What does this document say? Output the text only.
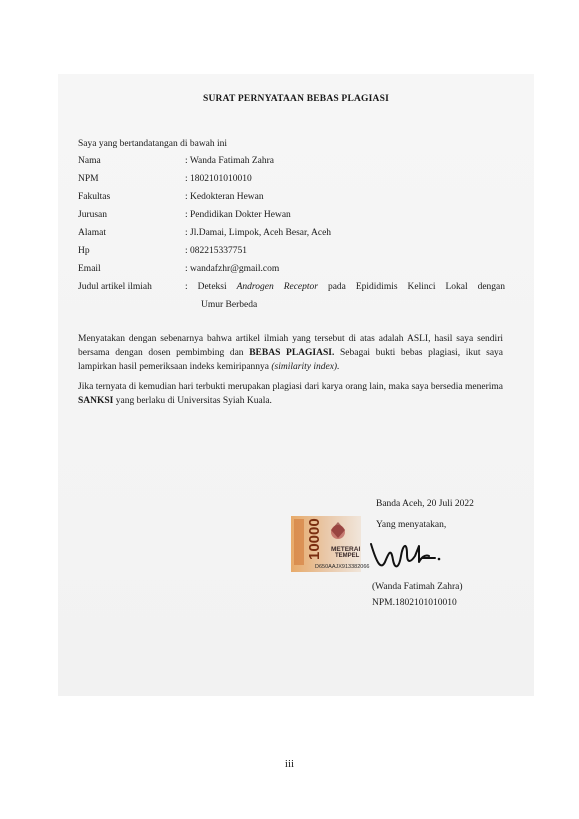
SURAT PERNYATAAN BEBAS PLAGIASI
Saya yang bertandatangan di bawah ini
Nama	: Wanda Fatimah Zahra
NPM	: 1802101010010
Fakultas	: Kedokteran Hewan
Jurusan	: Pendidikan Dokter Hewan
Alamat	: Jl.Damai, Limpok, Aceh Besar, Aceh
Hp	: 082215337751
Email	: wandafzhr@gmail.com
Judul artikel ilmiah	: Deteksi Androgen Receptor pada Epididimis Kelinci Lokal dengan
Umur Berbeda
Menyatakan dengan sebenarnya bahwa artikel ilmiah yang tersebut di atas adalah ASLI, hasil saya sendiri bersama dengan dosen pembimbing dan BEBAS PLAGIASI. Sebagai bukti bebas plagiasi, ikut saya lampirkan hasil pemeriksaan indeks kemiripannya (similarity index).
Jika ternyata di kemudian hari terbukti merupakan plagiasi dari karya orang lain, maka saya bersedia menerima SANKSI yang berlaku di Universitas Syiah Kuala.
Banda Aceh, 20 Juli 2022
Yang menyatakan,
10000 METERAI
TEMPEL
D650AAJX913382066
(Wanda Fatimah Zahra)
NPM.1802101010010
iii
